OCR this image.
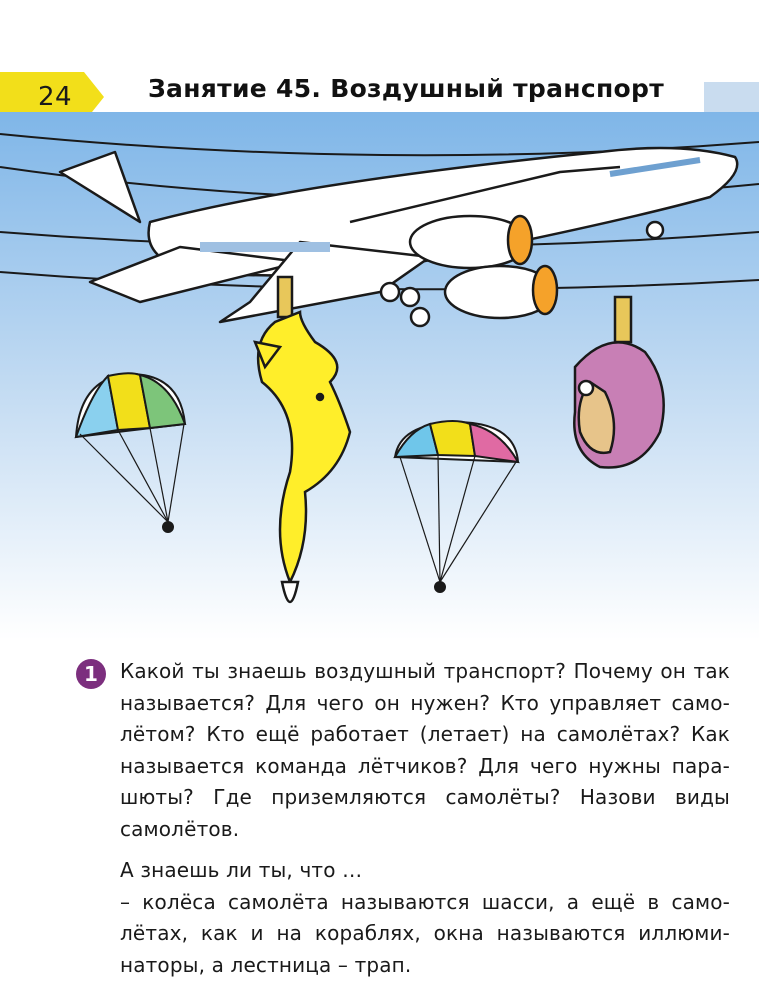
24	Занятие 45. Воздушный транспорт
1	Какой ты знаешь воздушный транспорт? Почему он так называется? Для чего он нужен? Кто управляет само-лётом? Кто ещё работает (летает) на самолётах? Как называется команда лётчиков? Для чего нужны пара-шюты? Где приземляются самолёты? Назови виды самолётов.

А знаешь ли ты, что …

– колёса самолёта называются шасси, а ещё в само-лётах, как и на кораблях, окна называются иллюми-наторы, а лестница – трап.
